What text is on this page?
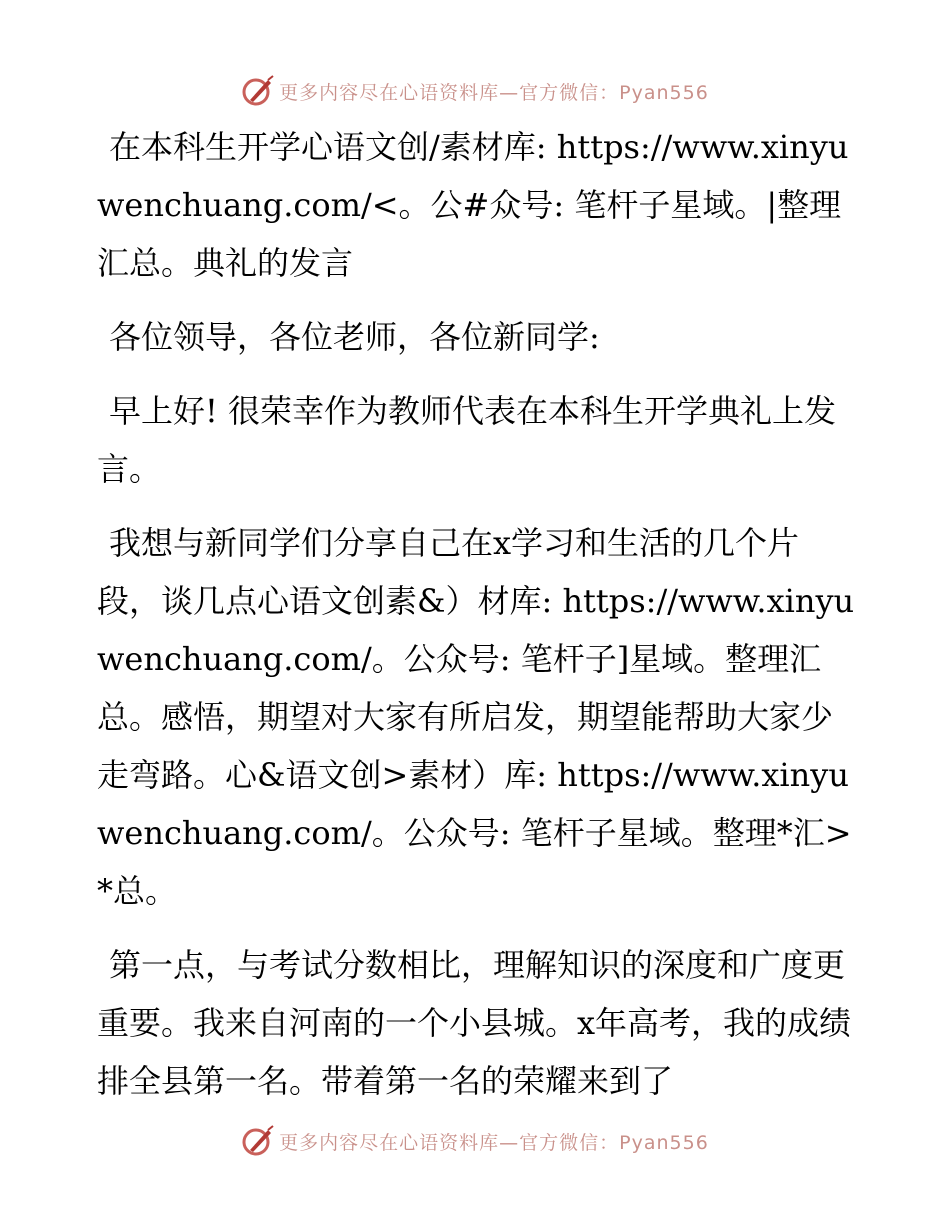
更多内容尽在心语资料库—官方微信：Pyan556

在本科生开学心语文创/素材库: https://www.xinyuwenchuang.com/<。公#众号: 笔杆子星域。|整理汇总。典礼的发言

各位领导，各位老师，各位新同学:

早上好! 很荣幸作为教师代表在本科生开学典礼上发言。

我想与新同学们分享自己在x学习和生活的几个片段，谈几点心语文创素&）材库: https://www.xinyuwenchuang.com/。公众号: 笔杆子]星域。整理汇总。感悟，期望对大家有所启发，期望能帮助大家少走弯路。心&语文创>素材）库: https://www.xinyuwenchuang.com/。公众号: 笔杆子星域。整理*汇>*总。

第一点，与考试分数相比，理解知识的深度和广度更重要。我来自河南的一个小县城。x年高考，我的成绩排全县第一名。带着第一名的荣耀来到了

更多内容尽在心语资料库—官方微信：Pyan556
